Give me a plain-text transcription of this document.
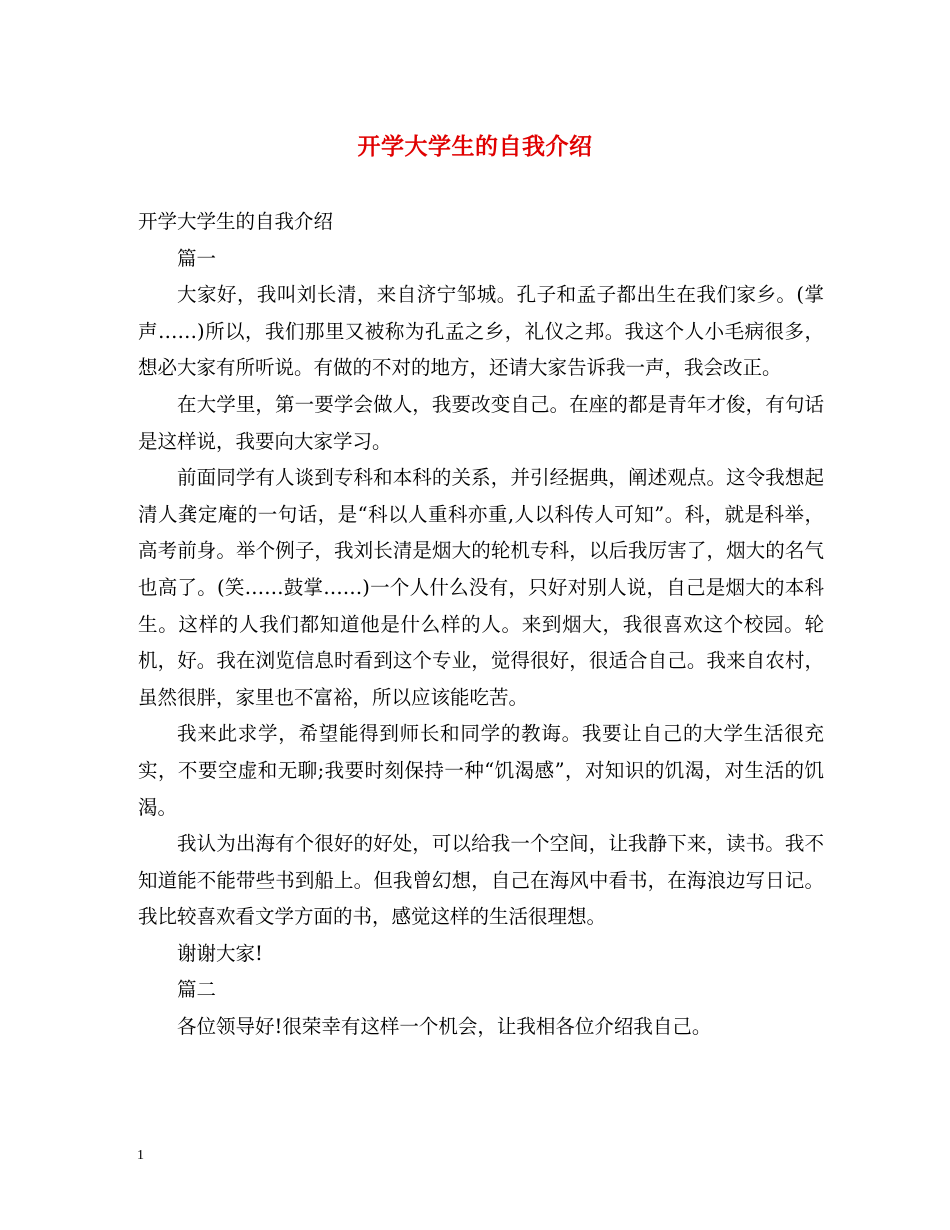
开学大学生的自我介绍

开学大学生的自我介绍

篇一

大家好，我叫刘长清，来自济宁邹城。孔子和孟子都出生在我们家乡。(掌声……)所以，我们那里又被称为孔孟之乡，礼仪之邦。我这个人小毛病很多，想必大家有所听说。有做的不对的地方，还请大家告诉我一声，我会改正。

在大学里，第一要学会做人，我要改变自己。在座的都是青年才俊，有句话是这样说，我要向大家学习。

前面同学有人谈到专科和本科的关系，并引经据典，阐述观点。这令我想起清人龚定庵的一句话，是“科以人重科亦重,人以科传人可知”。科，就是科举，高考前身。举个例子，我刘长清是烟大的轮机专科，以后我厉害了，烟大的名气也高了。(笑……鼓掌……)一个人什么没有，只好对别人说，自己是烟大的本科生。这样的人我们都知道他是什么样的人。来到烟大，我很喜欢这个校园。轮机，好。我在浏览信息时看到这个专业，觉得很好，很适合自己。我来自农村，虽然很胖，家里也不富裕，所以应该能吃苦。

我来此求学，希望能得到师长和同学的教诲。我要让自己的大学生活很充实，不要空虚和无聊;我要时刻保持一种“饥渴感”，对知识的饥渴，对生活的饥渴。

我认为出海有个很好的好处，可以给我一个空间，让我静下来，读书。我不知道能不能带些书到船上。但我曾幻想，自己在海风中看书，在海浪边写日记。我比较喜欢看文学方面的书，感觉这样的生活很理想。

谢谢大家!

篇二

各位领导好!很荣幸有这样一个机会，让我相各位介绍我自己。

1
